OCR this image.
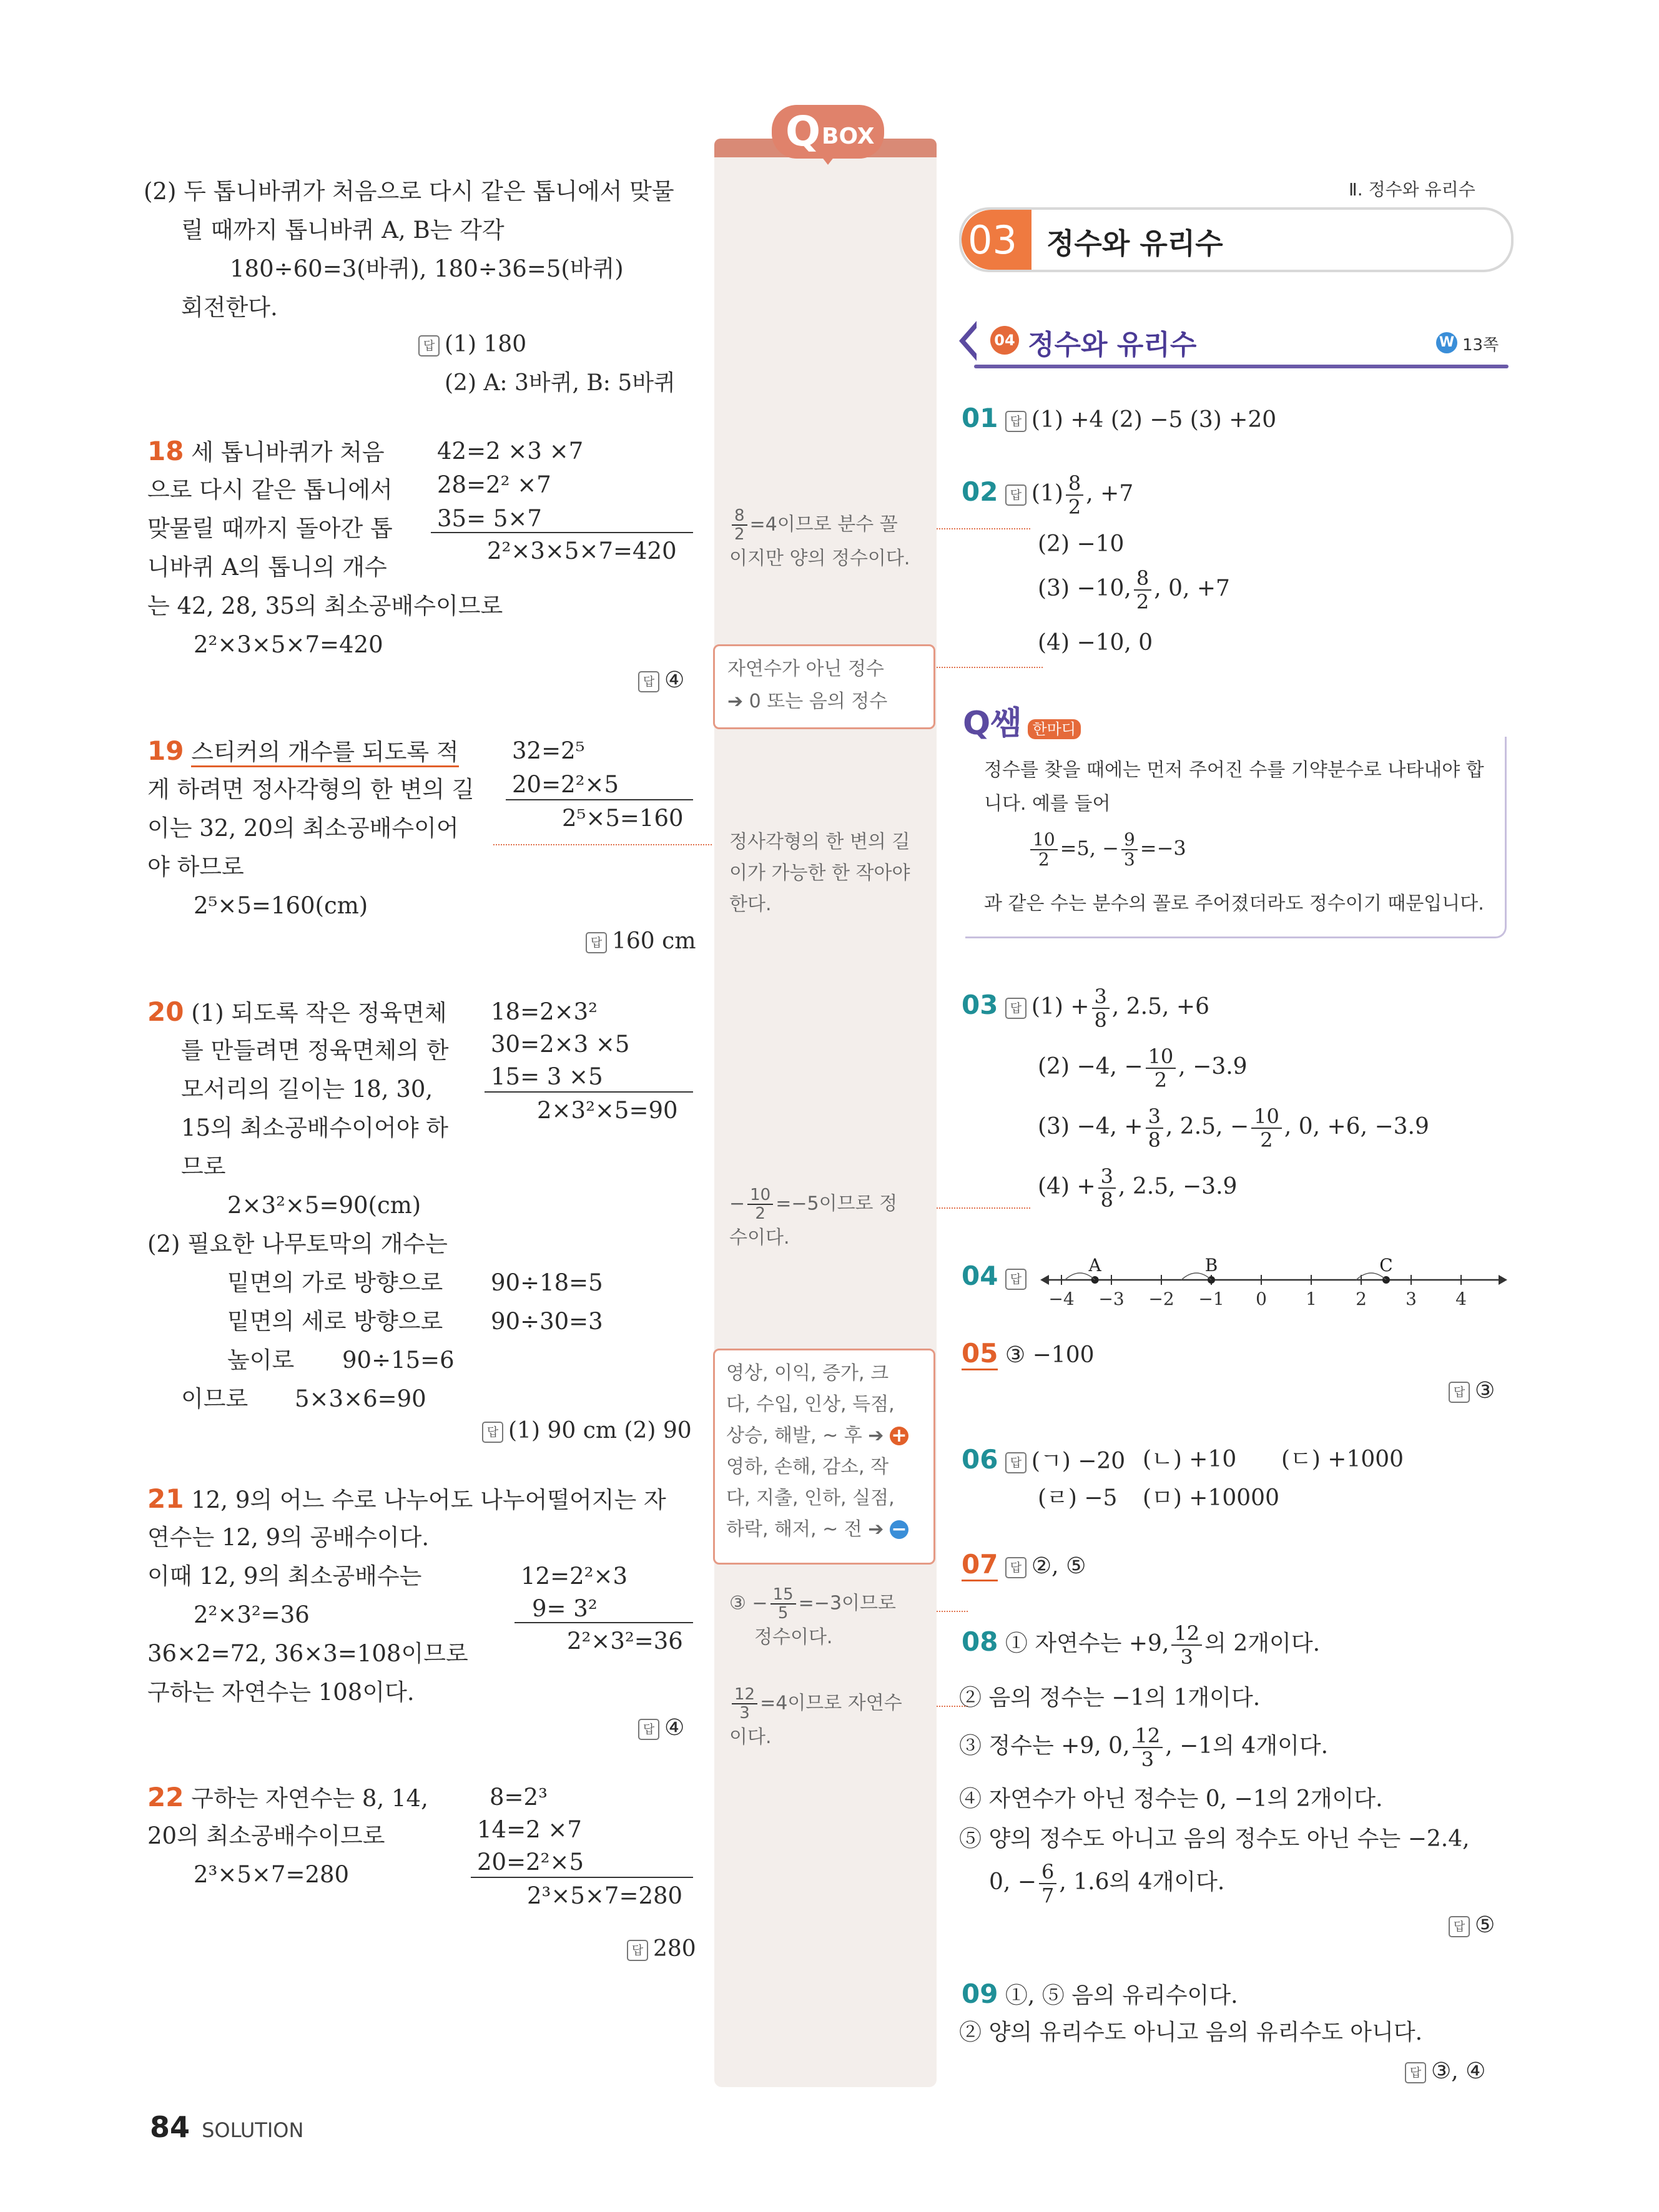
Q BOX
$\frac{8}{2} =4$이므로 분수 꼴
이지만 양의 정수이다.
자연수가 아닌 정수
➔ 0 또는 음의 정수
정사각형의 한 변의 길
이가 가능한 한 작아야
한다.
− $\frac{10}{2} =-5$이므로 정
수이다.
영상, 이익, 증가, 크
다, 수입, 인상, 득점,
상승, 해발, ~ 후 ➔ +
영하, 손해, 감소, 작
다, 지출, 인하, 실점,
하락, 해저, ~ 전 ➔ −
③ − $\frac{15}{5} =-3$이므로
정수이다.
$\frac{12}{3} =4$이므로 자연수
이다.
(2) 두 톱니바퀴가 처음으로 다시 같은 톱니에서 맞물
릴 때까지 톱니바퀴 A, B는 각각
180÷60=3(바퀴), 180÷36=5(바퀴)
회전한다.
답 (1) 180
(2) A: 3바퀴, B: 5바퀴
18 세 톱니바퀴가 처음
으로 다시 같은 톱니에서
맞물릴 때까지 돌아간 톱
니바퀴 A의 톱니의 개수
는 42, 28, 35의 최소공배수이므로
2²×3×5×7=420
42=2 ×3 ×7
28=2² ×7
35= 5×7
2²×3×5×7=420
답 ④
19 스티커의 개수를 되도록 적
게 하려면 정사각형의 한 변의 길
이는 32, 20의 최소공배수이어
야 하므로
2⁵×5=160(cm)
32=2⁵
20=2²×5
2⁵×5=160
답 160 cm
20 (1) 되도록 작은 정육면체
를 만들려면 정육면체의 한
모서리의 길이는 18, 30,
15의 최소공배수이어야 하
므로
2×3²×5=90(cm)
(2) 필요한 나무토막의 개수는
밑면의 가로 방향으로 90÷18=5
밑면의 세로 방향으로 90÷30=3
높이로 90÷15=6
이므로 5×3×6=90
18=2×3²
30=2×3 ×5
15= 3 ×5
2×3²×5=90
답 (1) 90 cm (2) 90
21 12, 9의 어느 수로 나누어도 나누어떨어지는 자
연수는 12, 9의 공배수이다.
이때 12, 9의 최소공배수는
2²×3²=36
36×2=72, 36×3=108이므로
구하는 자연수는 108이다.
12=2²×3
9= 3²
2²×3²=36
답 ④
22 구하는 자연수는 8, 14,
20의 최소공배수이므로
2³×5×7=280
8=2³
14=2 ×7
20=2²×5
2³×5×7=280
답 280
84 SOLUTION
Ⅱ. 정수와 유리수
03 정수와 유리수
04 정수와 유리수	W 13쪽
01 답 (1) +4 (2) −5 (3) +20
02 답 $(1) \frac{8}{2}$ , +7
(2) −10
(3) −10, $\frac{8}{2}$ , 0, +7
(4) −10, 0
Q쌤 한마디
정수를 찾을 때에는 먼저 주어진 수를 기약분수로 나타내야 합
니다. 예를 들어
$\frac{10}{2} =5$, − $\frac{9}{3} =-3$
과 같은 수는 분수의 꼴로 주어졌더라도 정수이기 때문입니다.
03 답 $(1) + \frac{3}{8}$ , 2.5, +6
(2) −4, − $\frac{10}{2}$ , −3.9
(3) −4, + $\frac{3}{8}$ , 2.5, − $\frac{10}{2}$ , 0, +6, −3.9
$(4) + \frac{3}{8}$ , 2.5, −3.9
04 답
−4 −3 −2 −1 0 1 2 3 4
A	B	C
05 ③ −100
답 ③
06 답 (ㄱ) −20 (ㄴ) +10 (ㄷ) +1000
(ㄹ) −5 (ㅁ) +10000
07 답 ②, ⑤
08 ① 자연수는 +9, $\frac{12}{3}$ 의 2개이다.
② 음의 정수는 −1의 1개이다.
③ 정수는 +9, 0, $\frac{12}{3}$ , −1의 4개이다.
④ 자연수가 아닌 정수는 0, −1의 2개이다.
⑤ 양의 정수도 아니고 음의 정수도 아닌 수는 −2.4,
0, − $\frac{6}{7}$ , 1.6의 4개이다.
답 ⑤
09 ①, ⑤ 음의 유리수이다.
② 양의 유리수도 아니고 음의 유리수도 아니다.
답 ③, ④
